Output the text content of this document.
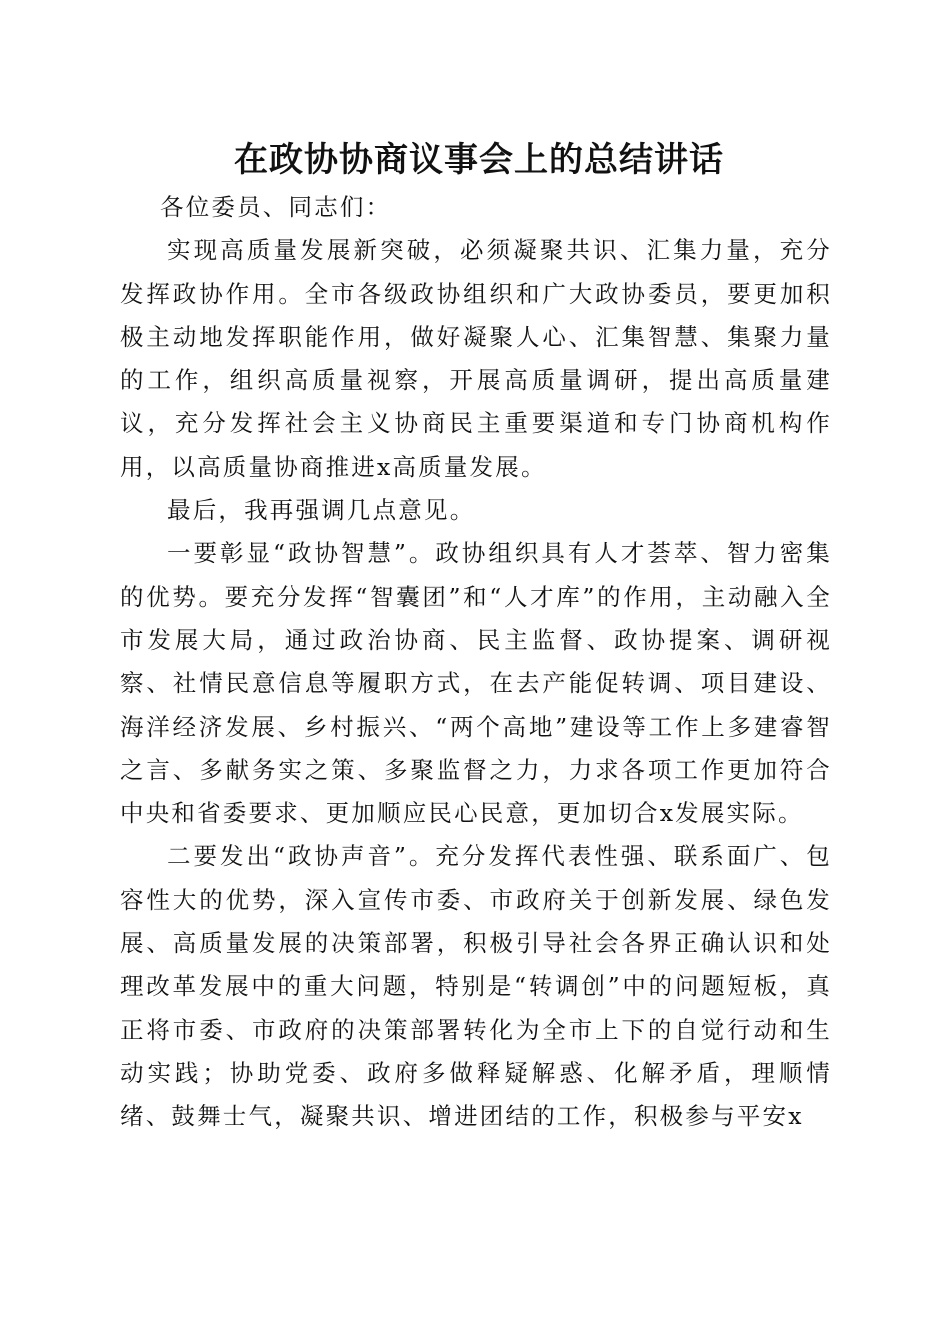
在政协协商议事会上的总结讲话

各位委员、同志们：

实现高质量发展新突破，必须凝聚共识、汇集力量，充分发挥政协作用。全市各级政协组织和广大政协委员，要更加积极主动地发挥职能作用，做好凝聚人心、汇集智慧、集聚力量的工作，组织高质量视察，开展高质量调研，提出高质量建议，充分发挥社会主义协商民主重要渠道和专门协商机构作用，以高质量协商推进x高质量发展。

最后，我再强调几点意见。

一要彰显“政协智慧”。政协组织具有人才荟萃、智力密集的优势。要充分发挥“智囊团”和“人才库”的作用，主动融入全市发展大局，通过政治协商、民主监督、政协提案、调研视察、社情民意信息等履职方式，在去产能促转调、项目建设、海洋经济发展、乡村振兴、“两个高地”建设等工作上多建睿智之言、多献务实之策、多聚监督之力，力求各项工作更加符合中央和省委要求、更加顺应民心民意，更加切合x发展实际。

二要发出“政协声音”。充分发挥代表性强、联系面广、包容性大的优势，深入宣传市委、市政府关于创新发展、绿色发展、高质量发展的决策部署，积极引导社会各界正确认识和处理改革发展中的重大问题，特别是“转调创”中的问题短板，真正将市委、市政府的决策部署转化为全市上下的自觉行动和生动实践；协助党委、政府多做释疑解惑、化解矛盾，理顺情绪、鼓舞士气，凝聚共识、增进团结的工作，积极参与平安x
